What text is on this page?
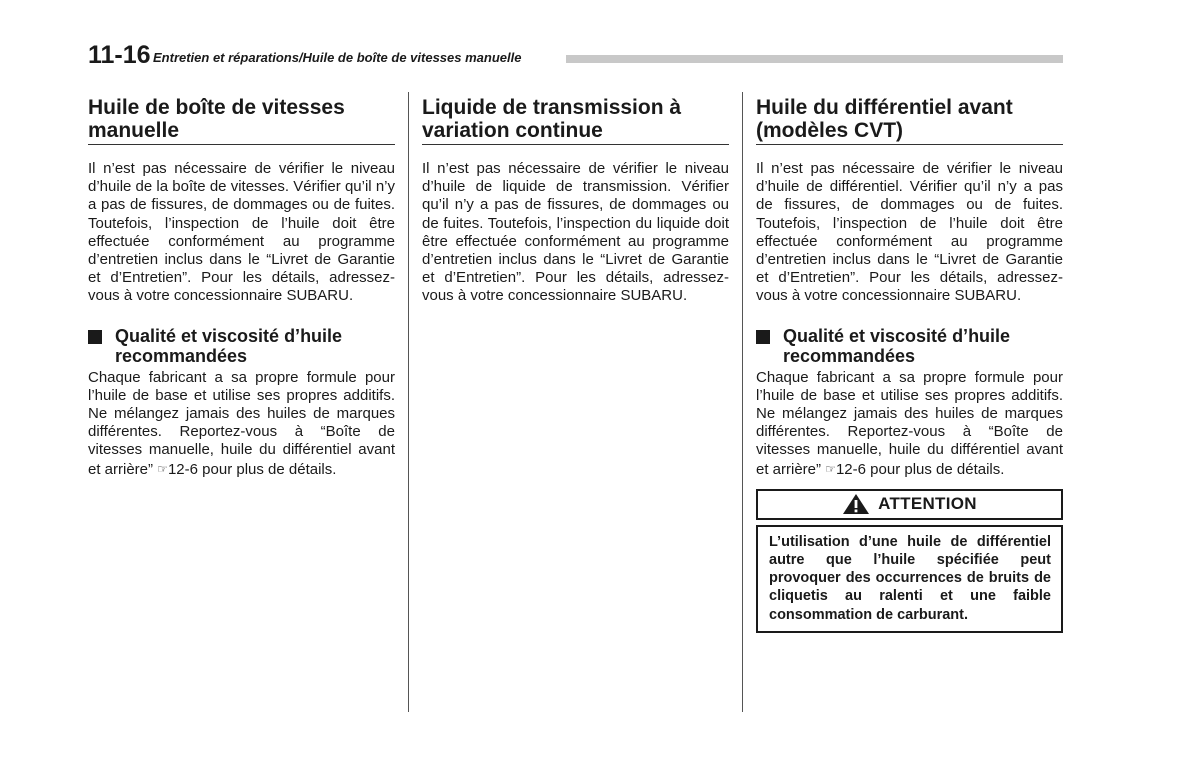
11-16 Entretien et réparations/Huile de boîte de vitesses manuelle
Huile de boîte de vitesses manuelle

Il n’est pas nécessaire de vérifier le niveau d’huile de la boîte de vitesses. Vérifier qu’il n’y a pas de fissures, de dommages ou de fuites. Toutefois, l’inspection de l’huile doit être effectuée conformément au programme d’entretien inclus dans le “Livret de Garantie et d’Entretien”. Pour les détails, adressez-vous à votre concessionnaire SUBARU.

Qualité et viscosité d’huile recommandées

Chaque fabricant a sa propre formule pour l’huile de base et utilise ses propres additifs. Ne mélangez jamais des huiles de marques différentes. Reportez-vous à “Boîte de vitesses manuelle, huile du différentiel avant et arrière” ☞12-6 pour plus de détails.

Liquide de transmission à variation continue

Il n’est pas nécessaire de vérifier le niveau d’huile de liquide de transmission. Vérifier qu’il n’y a pas de fissures, de dommages ou de fuites. Toutefois, l’inspection du liquide doit être effectuée conformément au programme d’entretien inclus dans le “Livret de Garantie et d’Entretien”. Pour les détails, adressez-vous à votre concessionnaire SUBARU.

Huile du différentiel avant (modèles CVT)

Il n’est pas nécessaire de vérifier le niveau d’huile de différentiel. Vérifier qu’il n’y a pas de fissures, de dommages ou de fuites. Toutefois, l’inspection de l’huile doit être effectuée conformément au programme d’entretien inclus dans le “Livret de Garantie et d’Entretien”. Pour les détails, adressez-vous à votre concessionnaire SUBARU.

Qualité et viscosité d’huile recommandées

Chaque fabricant a sa propre formule pour l’huile de base et utilise ses propres additifs. Ne mélangez jamais des huiles de marques différentes. Reportez-vous à “Boîte de vitesses manuelle, huile du différentiel avant et arrière” ☞12-6 pour plus de détails.

ATTENTION
L’utilisation d’une huile de différentiel autre que l’huile spécifiée peut provoquer des occurrences de bruits de cliquetis au ralenti et une faible consommation de carburant.
